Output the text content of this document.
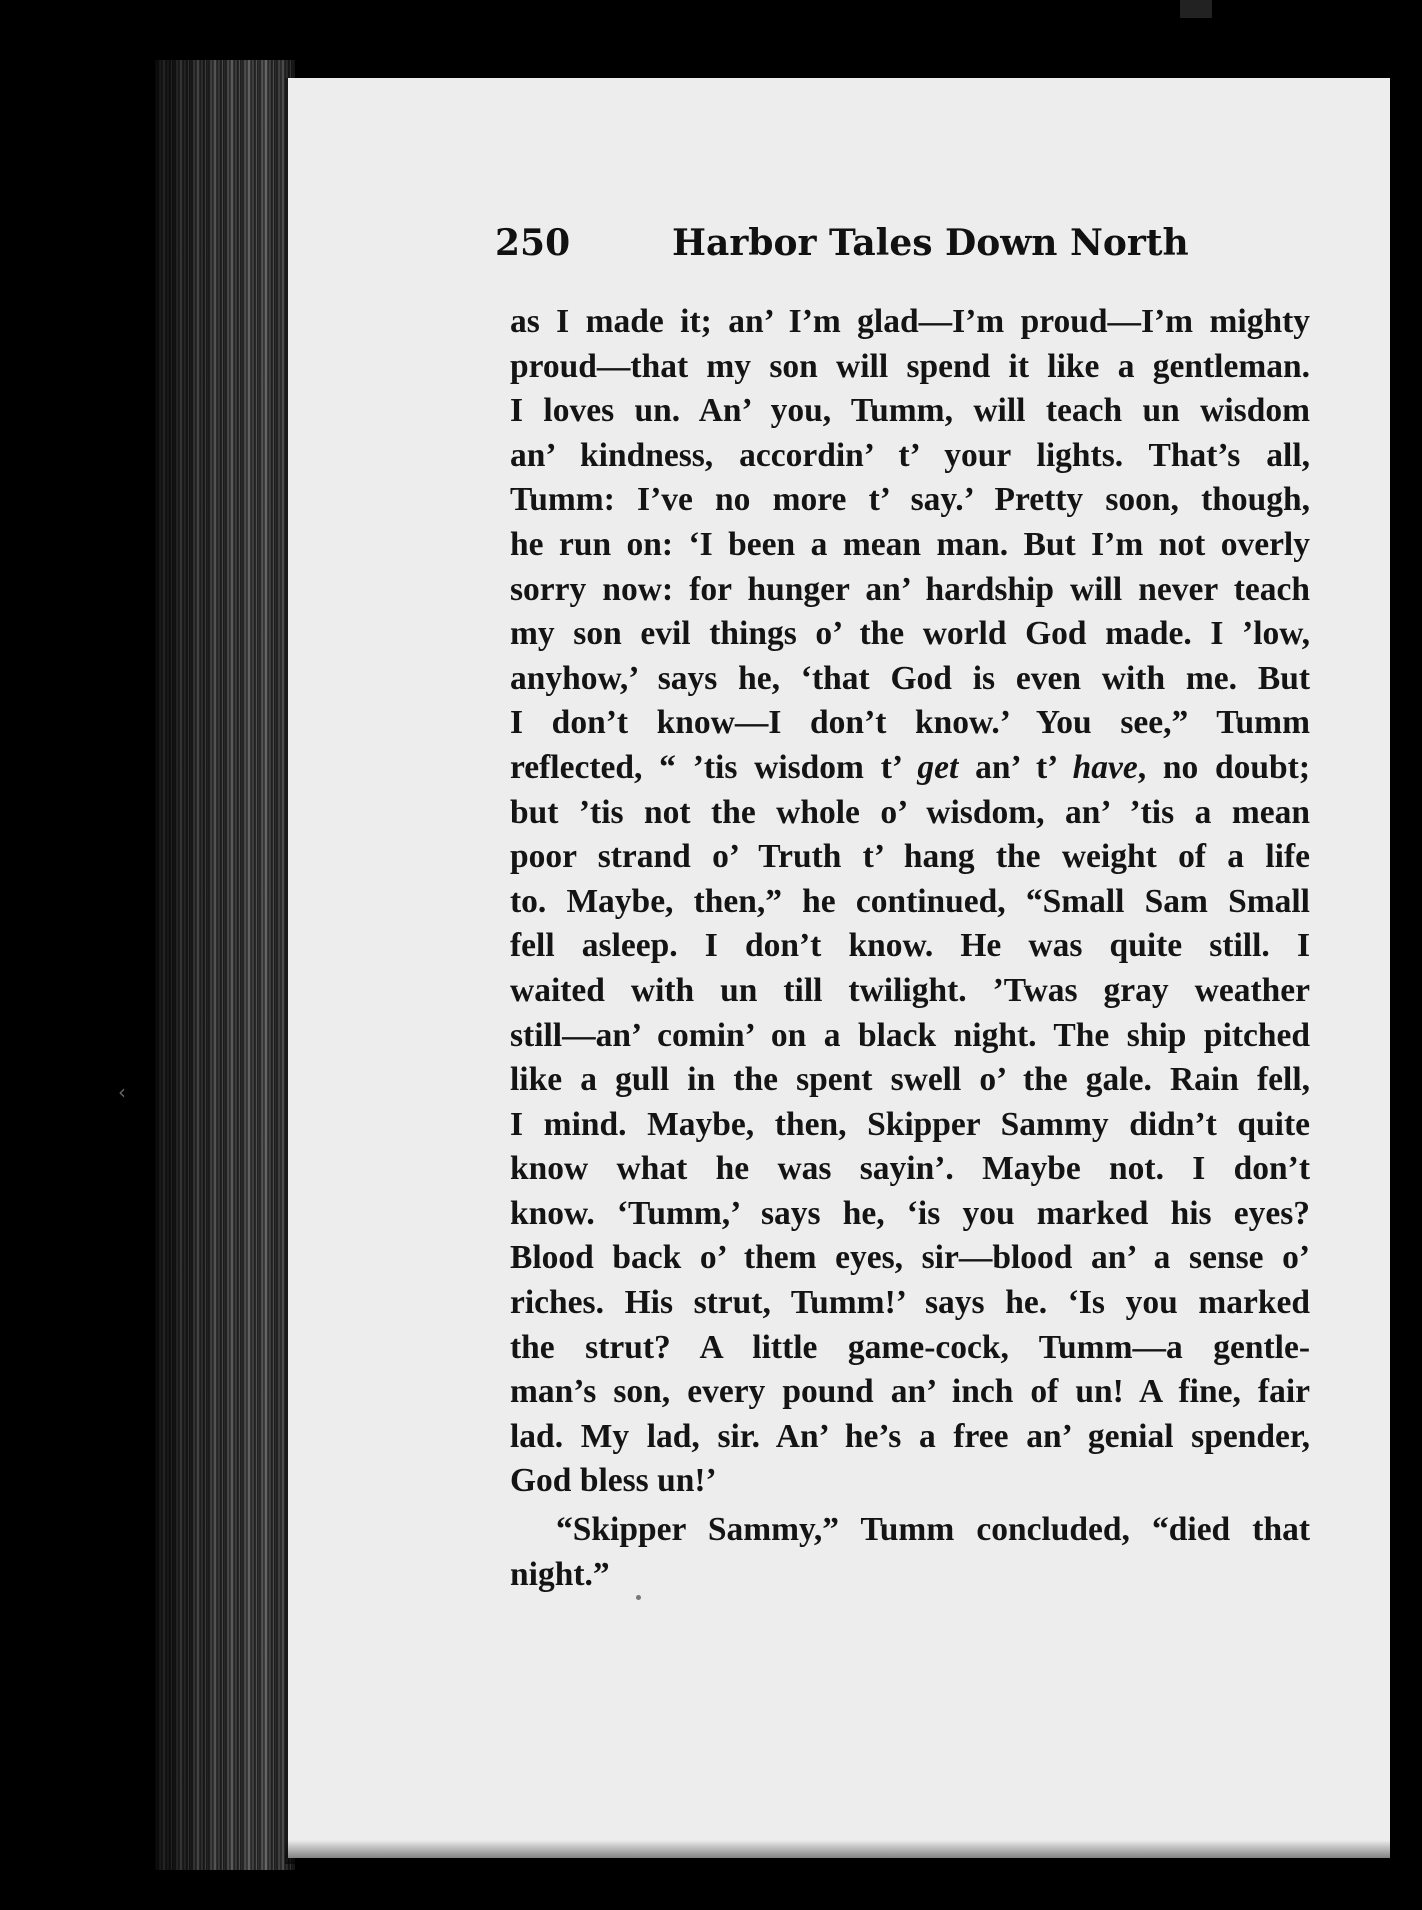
‹
250	Harbor Tales Down North
as I made it; an’ I’m glad—I’m proud—I’m mighty
proud—that my son will spend it like a gentleman.
I loves un. An’ you, Tumm, will teach un wisdom
an’ kindness, accordin’ t’ your lights. That’s all,
Tumm: I’ve no more t’ say.’ Pretty soon, though,
he run on: ‘I been a mean man. But I’m not overly
sorry now: for hunger an’ hardship will never teach
my son evil things o’ the world God made. I ’low,
anyhow,’ says he, ‘that God is even with me. But
I don’t know—I don’t know.’ You see,” Tumm
reflected, “ ’tis wisdom t’ get an’ t’ have, no doubt;
but ’tis not the whole o’ wisdom, an’ ’tis a mean
poor strand o’ Truth t’ hang the weight of a life
to. Maybe, then,” he continued, “Small Sam Small
fell asleep. I don’t know. He was quite still. I
waited with un till twilight. ’Twas gray weather
still—an’ comin’ on a black night. The ship pitched
like a gull in the spent swell o’ the gale. Rain fell,
I mind. Maybe, then, Skipper Sammy didn’t quite
know what he was sayin’. Maybe not. I don’t
know. ‘Tumm,’ says he, ‘is you marked his eyes?
Blood back o’ them eyes, sir—blood an’ a sense o’
riches. His strut, Tumm!’ says he. ‘Is you marked
the strut? A little game-cock, Tumm—a gentle-
man’s son, every pound an’ inch of un! A fine, fair
lad. My lad, sir. An’ he’s a free an’ genial spender,
God bless un!’
“Skipper Sammy,” Tumm concluded, “died that
night.”
